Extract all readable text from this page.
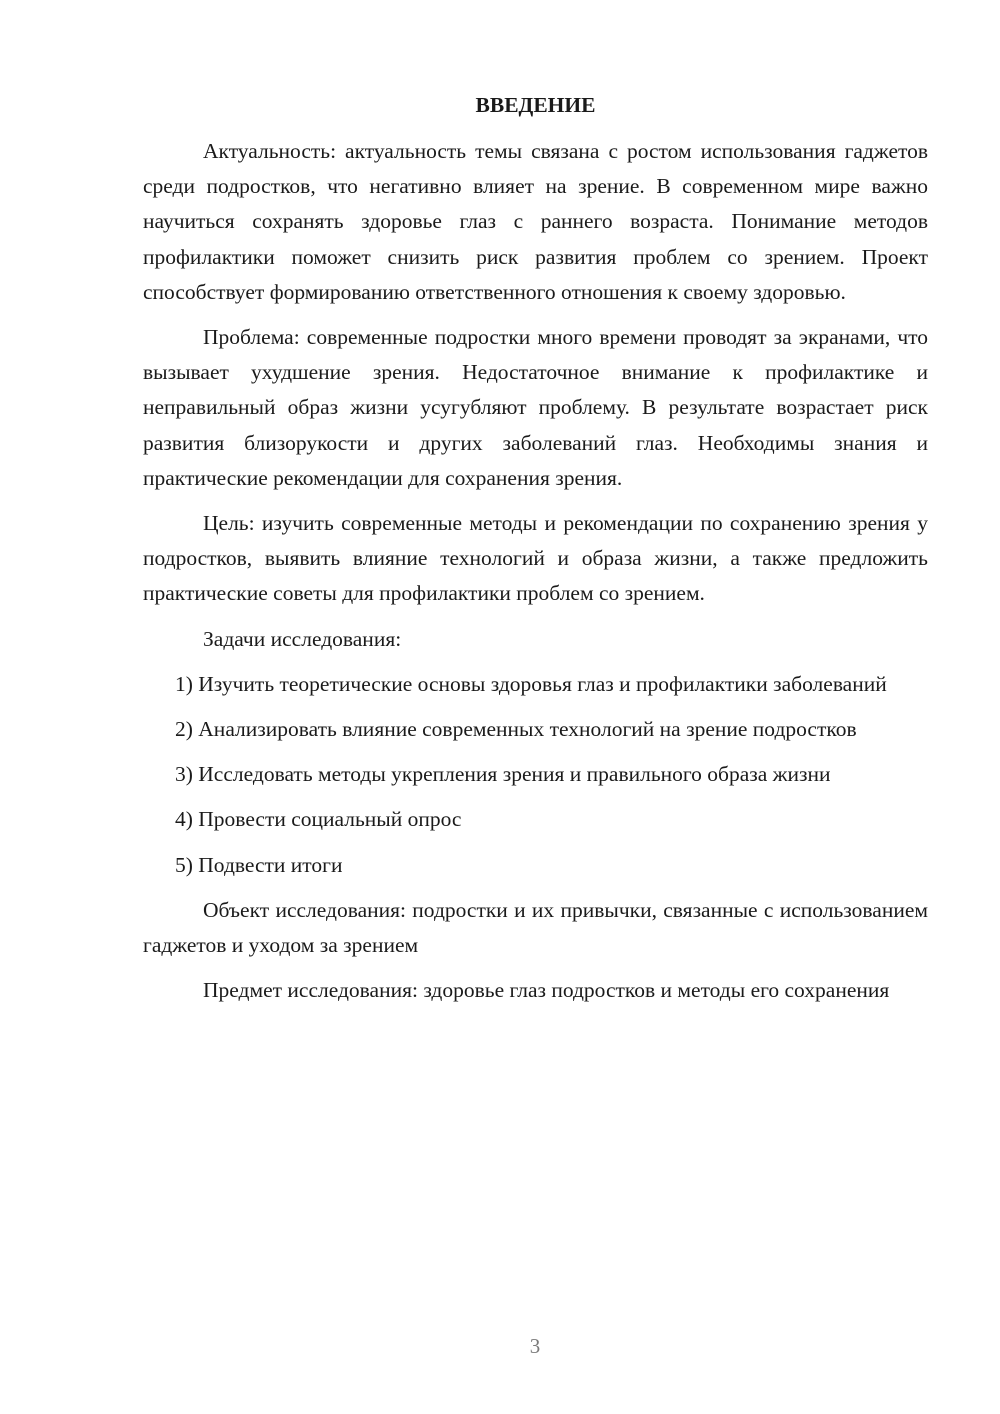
ВВЕДЕНИЕ

Актуальность: актуальность темы связана с ростом использования гаджетов среди подростков, что негативно влияет на зрение. В современном мире важно научиться сохранять здоровье глаз с раннего возраста. Понимание методов профилактики поможет снизить риск развития проблем со зрением. Проект способствует формированию ответственного отношения к своему здоровью.

Проблема: современные подростки много времени проводят за экранами, что вызывает ухудшение зрения. Недостаточное внимание к профилактике и неправильный образ жизни усугубляют проблему. В результате возрастает риск развития близорукости и других заболеваний глаз. Необходимы знания и практические рекомендации для сохранения зрения.

Цель: изучить современные методы и рекомендации по сохранению зрения у подростков, выявить влияние технологий и образа жизни, а также предложить практические советы для профилактики проблем со зрением.

Задачи исследования:

1) Изучить теоретические основы здоровья глаз и профилактики заболеваний

2) Анализировать влияние современных технологий на зрение подростков

3) Исследовать методы укрепления зрения и правильного образа жизни

4) Провести социальный опрос

5) Подвести итоги

Объект исследования: подростки и их привычки, связанные с использованием гаджетов и уходом за зрением

Предмет исследования: здоровье глаз подростков и методы его сохранения

3
